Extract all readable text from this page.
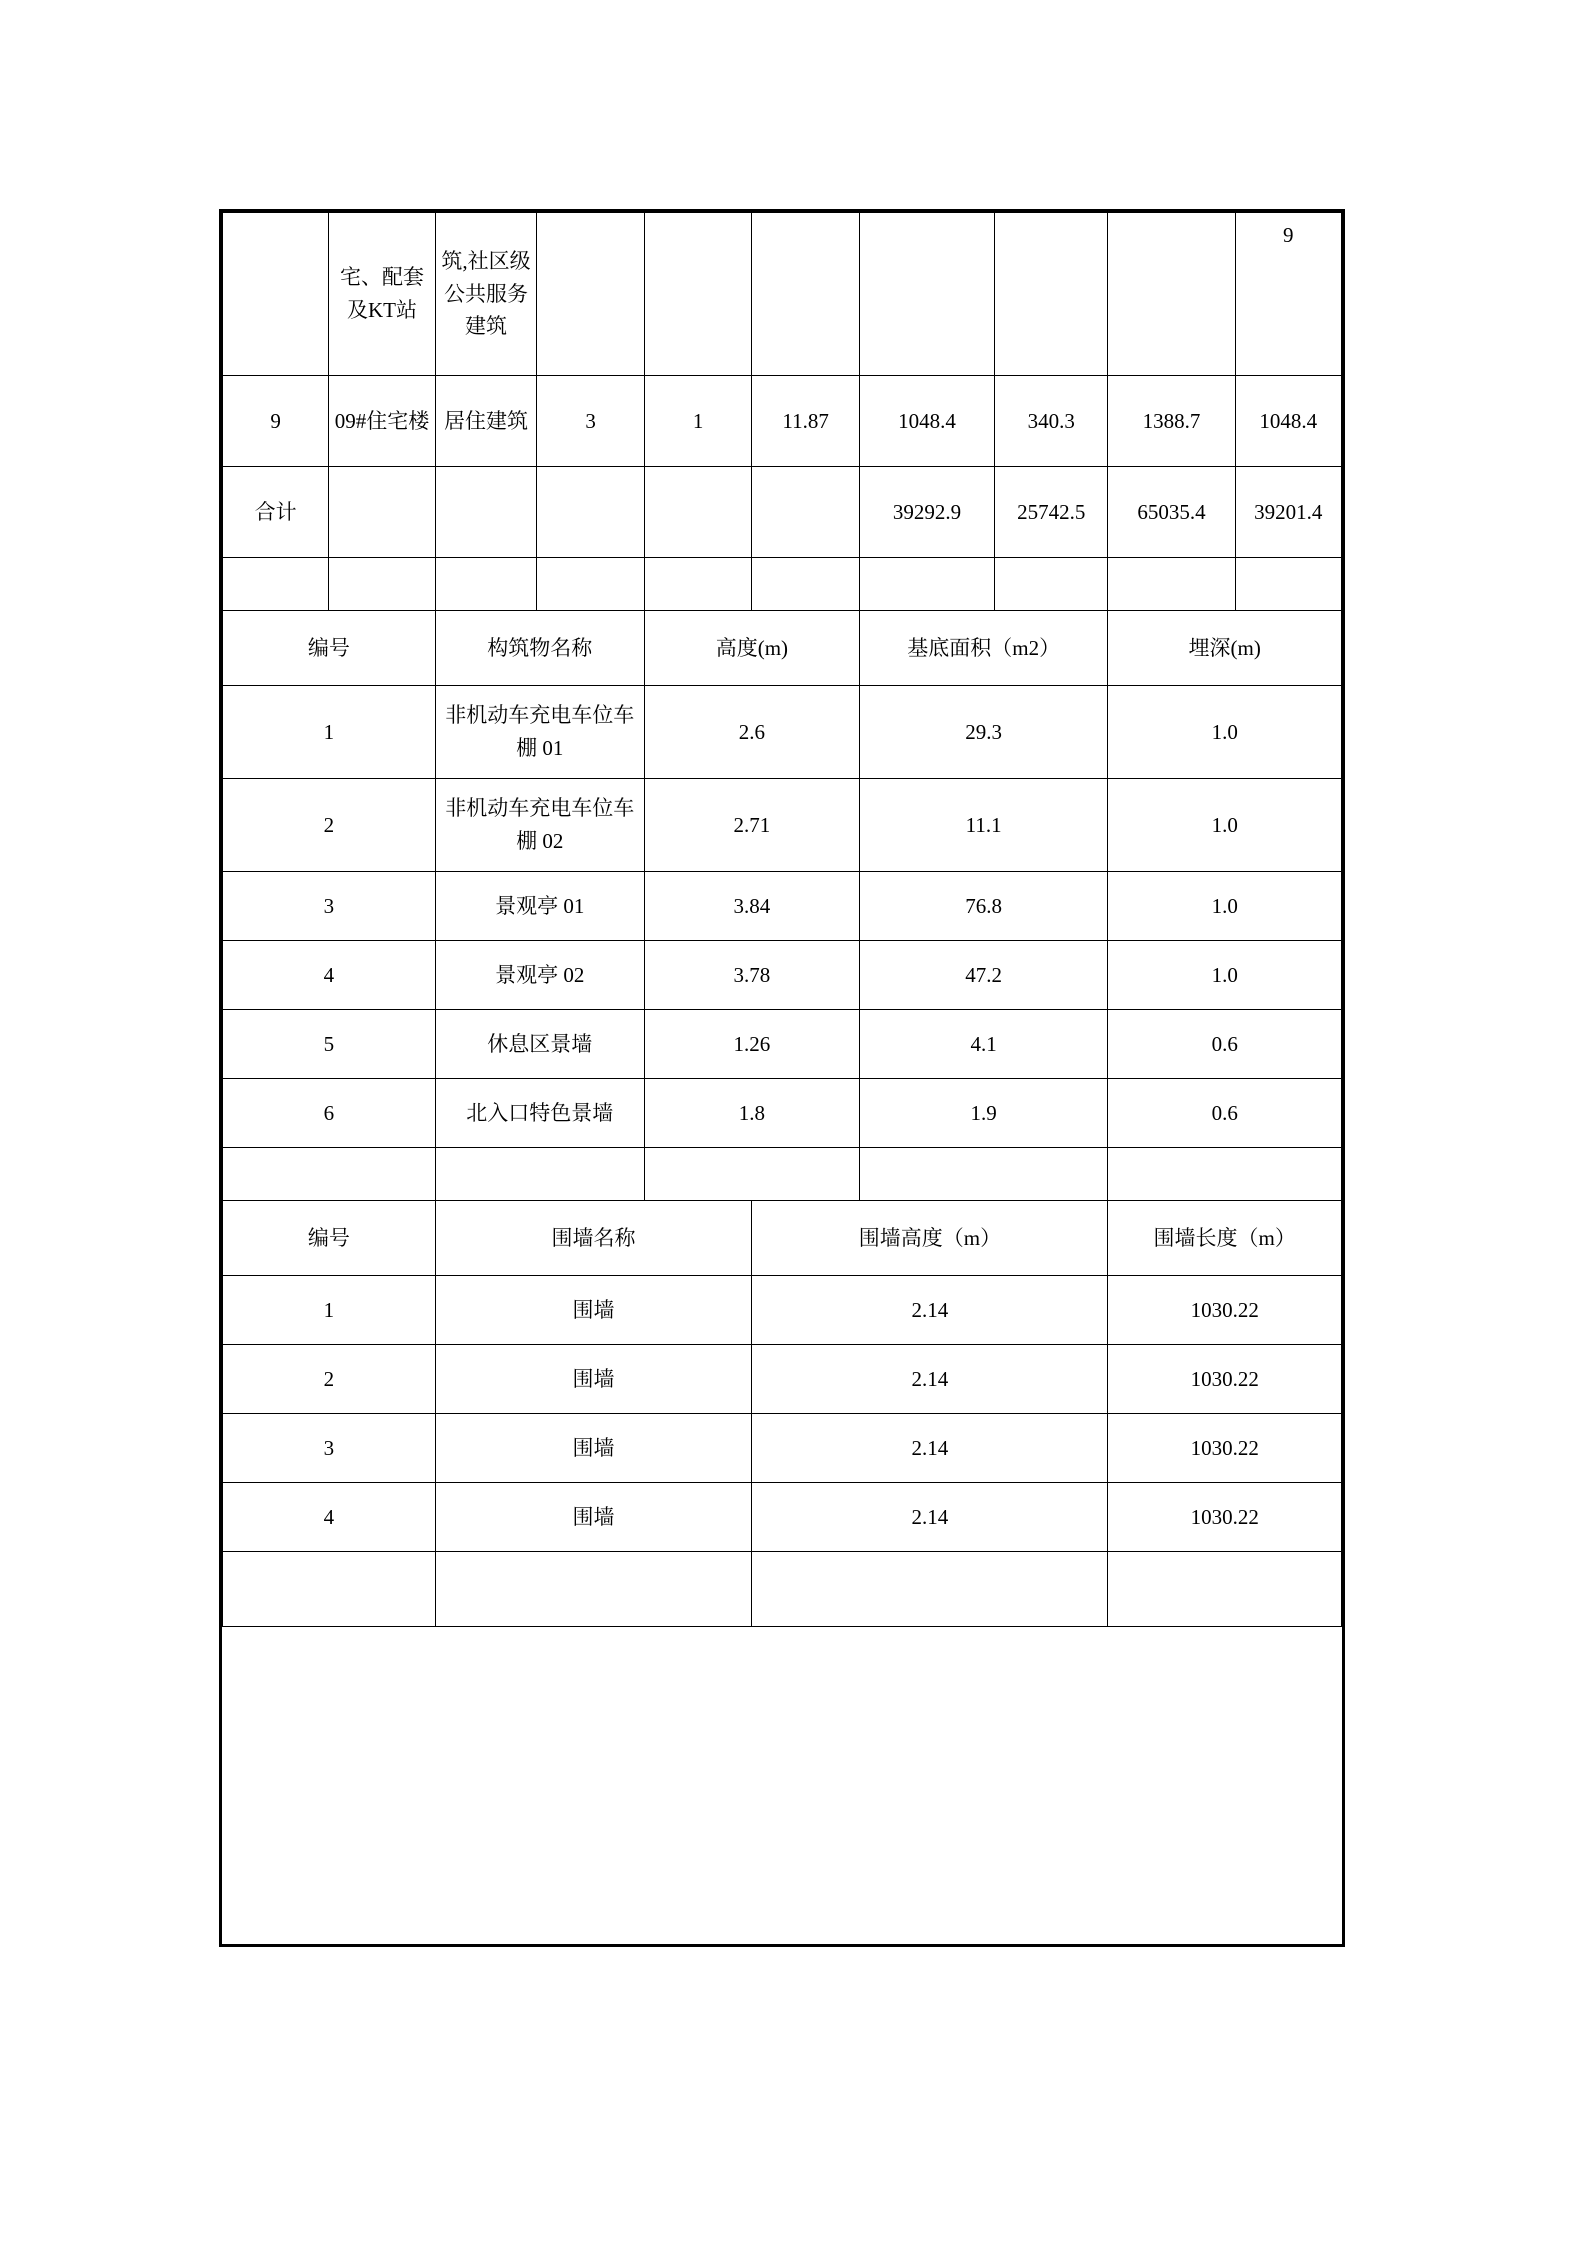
	宅、配套及KT站	筑,社区级公共服务建筑							9
9	09#住宅楼	居住建筑	3	1	11.87	1048.4	340.3	1388.7	1048.4
合计						39292.9	25742.5	65035.4	39201.4

编号		构筑物名称		高度(m)		基底面积（m2）		埋深(m)	
1		非机动车充电车位车棚 01		2.6		29.3		1.0	
2		非机动车充电车位车棚 02		2.71		11.1		1.0	
3		景观亭 01		3.84		76.8		1.0	
4		景观亭 02		3.78		47.2		1.0	
5		休息区景墙		1.26		4.1		0.6	
6		北入口特色景墙		1.8		1.9		0.6	

编号		围墙名称			围墙高度（m）			围墙长度（m）	
1		围墙			2.14			1030.22	
2		围墙			2.14			1030.22	
3		围墙			2.14			1030.22	
4		围墙			2.14			1030.22	
